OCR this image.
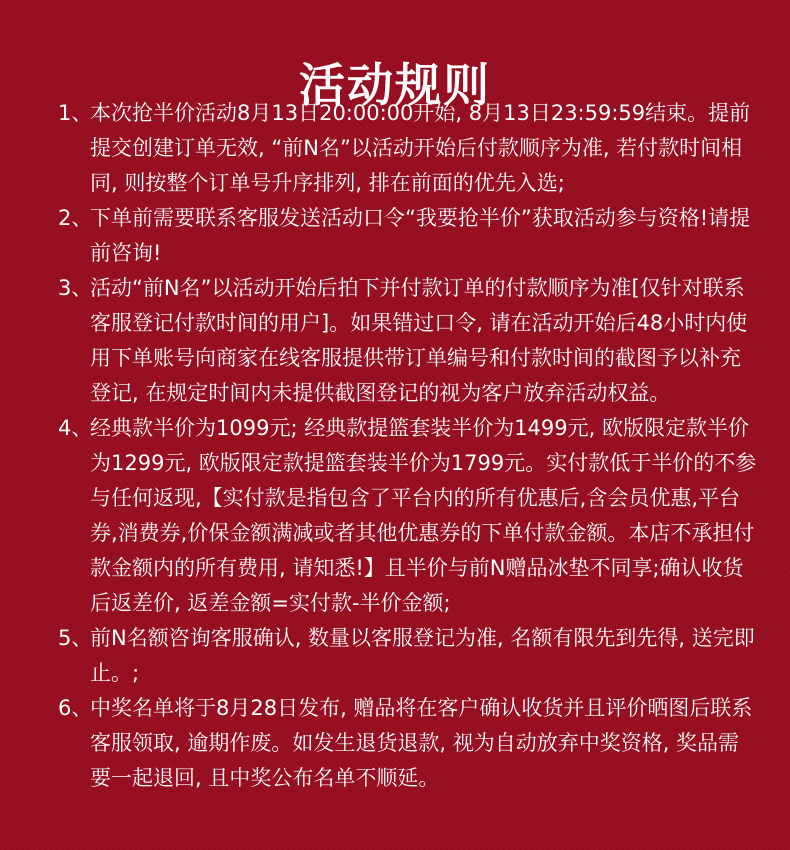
活动规则
1、
本次抢半价活动8月13日20:00:00开始, 8月13日23:59:59结束。提前提交创建订单无效, “前N名”以活动开始后付款顺序为准, 若付款时间相同, 则按整个订单号升序排列, 排在前面的优先入选;
2、
下单前需要联系客服发送活动口令“我要抢半价”获取活动参与资格!请提前咨询!
3、
活动“前N名”以活动开始后拍下并付款订单的付款顺序为准[仅针对联系客服登记付款时间的用户]。如果错过口令, 请在活动开始后48小时内使用下单账号向商家在线客服提供带订单编号和付款时间的截图予以补充登记, 在规定时间内未提供截图登记的视为客户放弃活动权益。
4、
经典款半价为1099元; 经典款提篮套装半价为1499元, 欧版限定款半价为1299元, 欧版限定款提篮套装半价为1799元。实付款低于半价的不参与任何返现,【实付款是指包含了平台内的所有优惠后,含会员优惠,平台券,消费券,价保金额满减或者其他优惠券的下单付款金额。本店不承担付款金额内的所有费用, 请知悉!】且半价与前N赠品冰垫不同享;确认收货后返差价, 返差金额=实付款-半价金额;
5、
前N名额咨询客服确认, 数量以客服登记为准, 名额有限先到先得, 送完即止。;
6、
中奖名单将于8月28日发布, 赠品将在客户确认收货并且评价晒图后联系客服领取, 逾期作废。如发生退货退款, 视为自动放弃中奖资格, 奖品需要一起退回, 且中奖公布名单不顺延。
